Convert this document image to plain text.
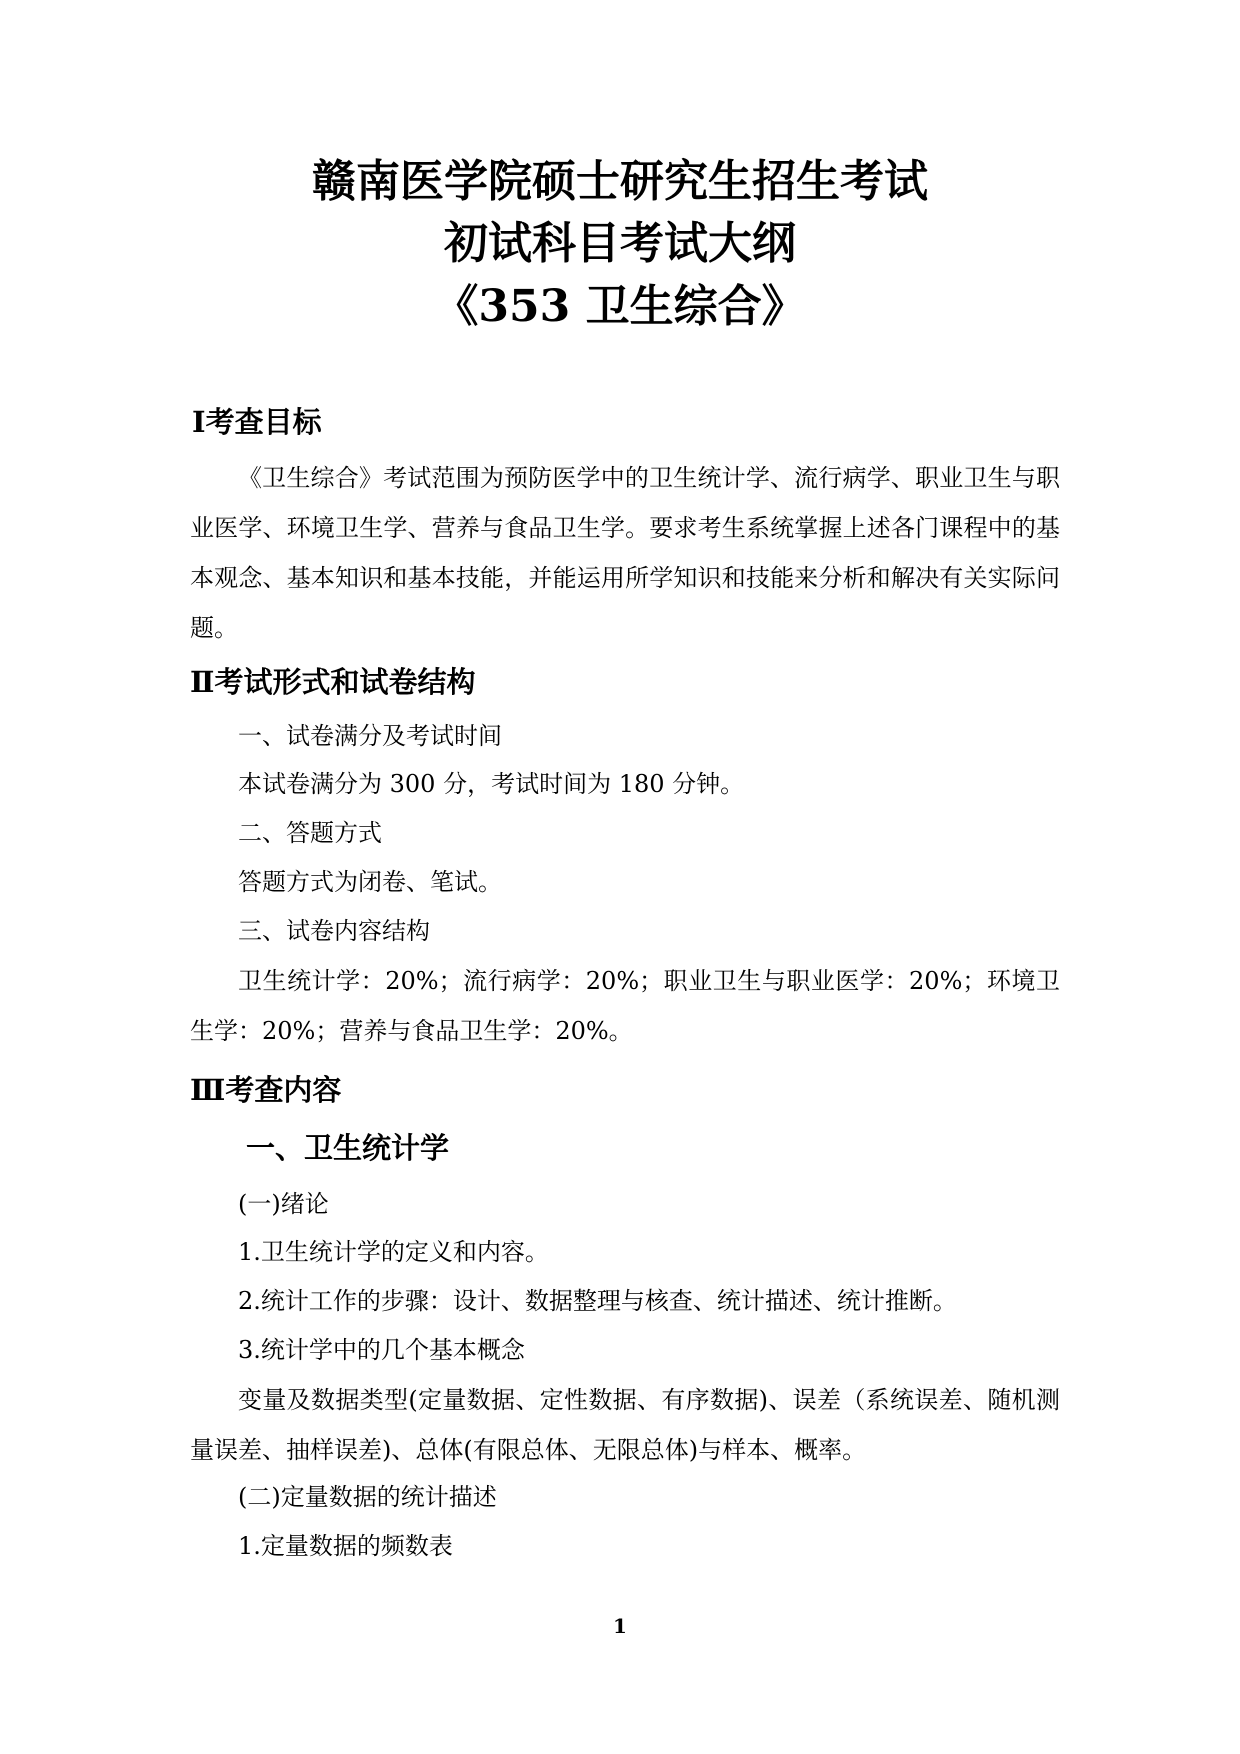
赣南医学院硕士研究生招生考试
初试科目考试大纲
《353 卫生综合》
Ⅰ考查目标

《卫生综合》考试范围为预防医学中的卫生统计学、流行病学、职业卫生与职业医学、环境卫生学、营养与食品卫生学。要求考生系统掌握上述各门课程中的基本观念、基本知识和基本技能，并能运用所学知识和技能来分析和解决有关实际问题。

Ⅱ考试形式和试卷结构

一、试卷满分及考试时间

本试卷满分为 300 分，考试时间为 180 分钟。

二、答题方式

答题方式为闭卷、笔试。

三、试卷内容结构

卫生统计学：20%；流行病学：20%；职业卫生与职业医学：20%；环境卫生学：20%；营养与食品卫生学：20%。

Ⅲ考查内容
一、卫生统计学

(一)绪论

1.卫生统计学的定义和内容。

2.统计工作的步骤：设计、数据整理与核查、统计描述、统计推断。

3.统计学中的几个基本概念

变量及数据类型(定量数据、定性数据、有序数据)、误差（系统误差、随机测量误差、抽样误差)、总体(有限总体、无限总体)与样本、概率。

(二)定量数据的统计描述

1.定量数据的频数表

1
